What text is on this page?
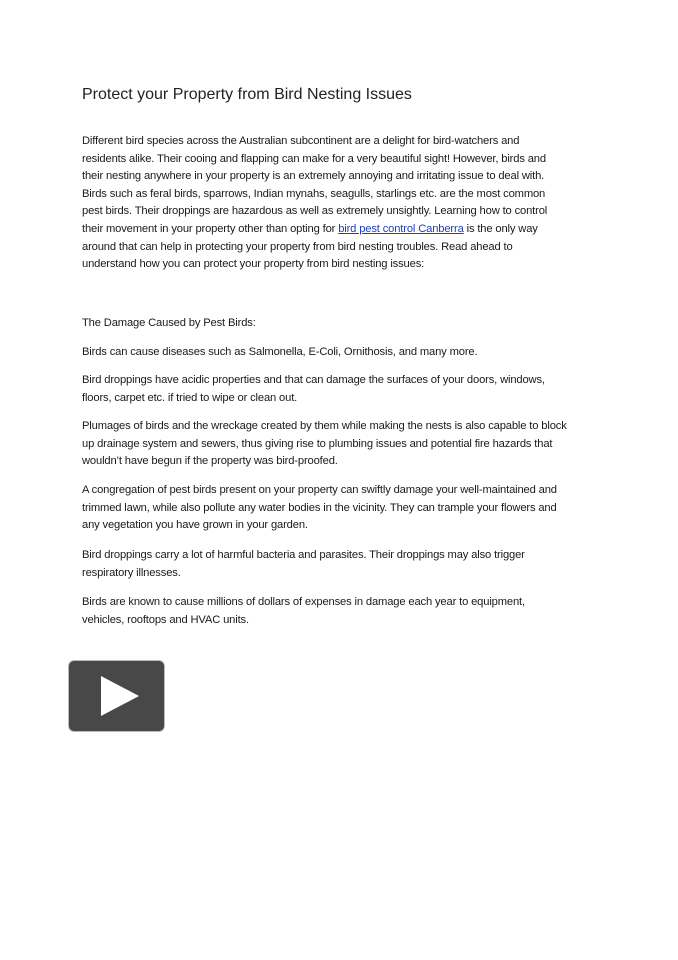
Protect your Property from Bird Nesting Issues
Different bird species across the Australian subcontinent are a delight for bird-watchers and
residents alike. Their cooing and flapping can make for a very beautiful sight! However, birds and
their nesting anywhere in your property is an extremely annoying and irritating issue to deal with.
Birds such as feral birds, sparrows, Indian mynahs, seagulls, starlings etc. are the most common
pest birds. Their droppings are hazardous as well as extremely unsightly. Learning how to control
their movement in your property other than opting for bird pest control Canberra is the only way
around that can help in protecting your property from bird nesting troubles. Read ahead to
understand how you can protect your property from bird nesting issues:
The Damage Caused by Pest Birds:
Birds can cause diseases such as Salmonella, E-Coli, Ornithosis, and many more.
Bird droppings have acidic properties and that can damage the surfaces of your doors, windows,
floors, carpet etc. if tried to wipe or clean out.
Plumages of birds and the wreckage created by them while making the nests is also capable to block
up drainage system and sewers, thus giving rise to plumbing issues and potential fire hazards that
wouldn’t have begun if the property was bird-proofed.
A congregation of pest birds present on your property can swiftly damage your well-maintained and
trimmed lawn, while also pollute any water bodies in the vicinity. They can trample your flowers and
any vegetation you have grown in your garden.
Bird droppings carry a lot of harmful bacteria and parasites. Their droppings may also trigger
respiratory illnesses.
Birds are known to cause millions of dollars of expenses in damage each year to equipment,
vehicles, rooftops and HVAC units.
